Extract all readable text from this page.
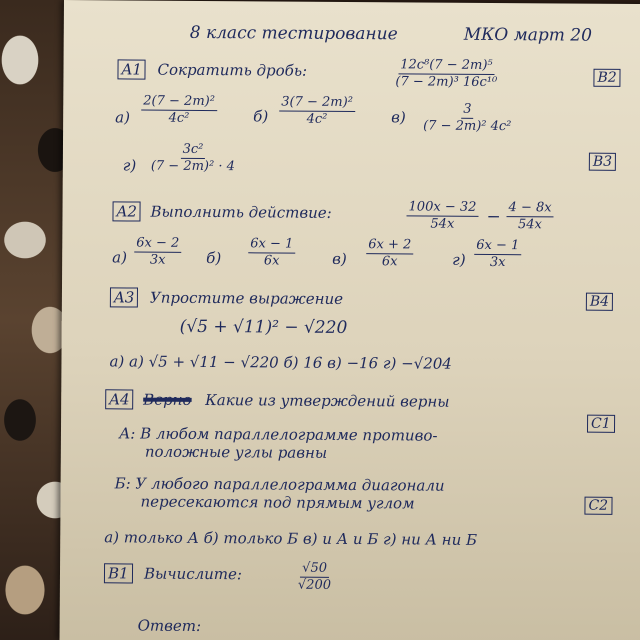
8 класс тестирование	МКО март 20
A1 Сократить дробь:	$\frac{\text{12c⁸(7 − 2m)⁵}}{\text{(7 − 2m)³ 16c¹⁰}}$
$а) \frac{\text{2(7 − 2m)²}}{\text{4c²}} б) \frac{\text{3(7 − 2m)²}}{\text{4c²}} в) \frac{3}{\text{(7 − 2m)² 4c²}}$
$г) \frac{\text{3c²}}{\text{(7 − 2m)² · 4}}$
A2 Выполнить действие:	$\frac{100x - 32}{54x} - \frac{4 - 8x}{54x}$
$а) \frac{6x - 2}{3x} б) \frac{6x - 1}{6x} в) \frac{6x + 2}{6x}$	$г) \frac{6x - 1}{3x}$
A3 Упростите выражение
(√5 + √11)² − √220
а) а) √5 + √11 − √220 б) 16 в) −16 г) −√204
A4 Верно Какие из утверждений верны
А: В любом параллелограмме противо-
положные углы равны
Б: У любого параллелограмма диагонали
пересекаются под прямым углом
а) только А б) только Б в) и А и Б г) ни А ни Б
B1 Вычислите:	$\frac{√50}{√200}$
Ответ:
B2
B3
B4
C1
C2
